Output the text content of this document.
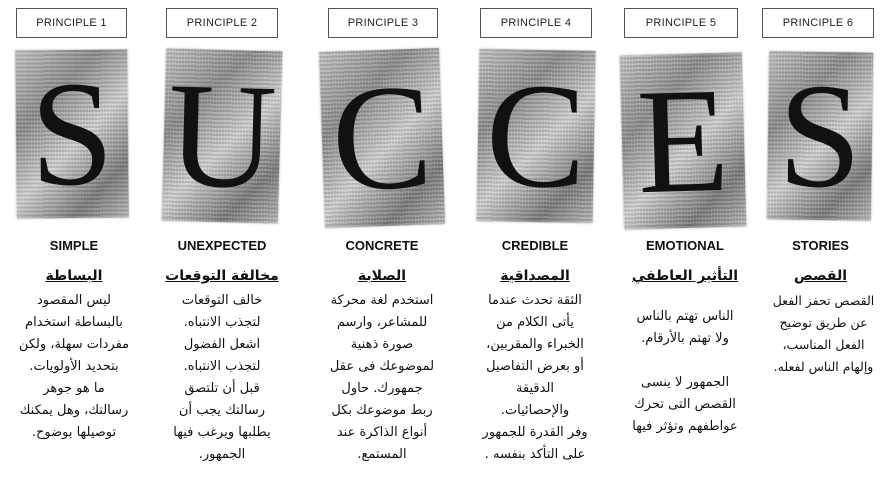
PRINCIPLE 1
S
SIMPLE
البساطة
ليس المقصود
بالبساطة استخدام
مفردات سهلة، ولكن
بتحديد الأولويات.
ما هو جوهر
رسالتك، وهل يمكنك
توصيلها بوضوح.
PRINCIPLE 2
U
UNEXPECTED
مخالفة التوقعات
خالف التوقعات
لتجذب الانتباه.
اشعل الفضول
لتجذب الانتباه.
قبل أن تلتصق
رسالتك يجب أن
يطلبها ويرغب فيها
الجمهور.
PRINCIPLE 3
C
CONCRETE
الصلابة
استخدم لغة محركة
للمشاعر، وارسم
صورة ذهنية
لموضوعك فى عقل
جمهورك. حاول
ربط موضوعك بكل
أنواع الذاكرة عند
المستمع.
PRINCIPLE 4
C
CREDIBLE
المصداقية
الثقة تحدث عندما
يأتى الكلام من
الخبراء والمقربين،
أو بعرض التفاصيل
الدقيقة
والإحصائيات.
وفر القدرة للجمهور
على التأكد بنفسه .
PRINCIPLE 5
E
EMOTIONAL
التأثير العاطفي
الناس تهتم بالناس
ولا تهتم بالأرقام.

الجمهور لا ينسى
القصص التى تحرك
عواطفهم وتؤثر فيها
PRINCIPLE 6
S
STORIES
القصص
القصص تحفز الفعل
عن طريق توضيح
الفعل المناسب،
وإلهام الناس لفعله.
